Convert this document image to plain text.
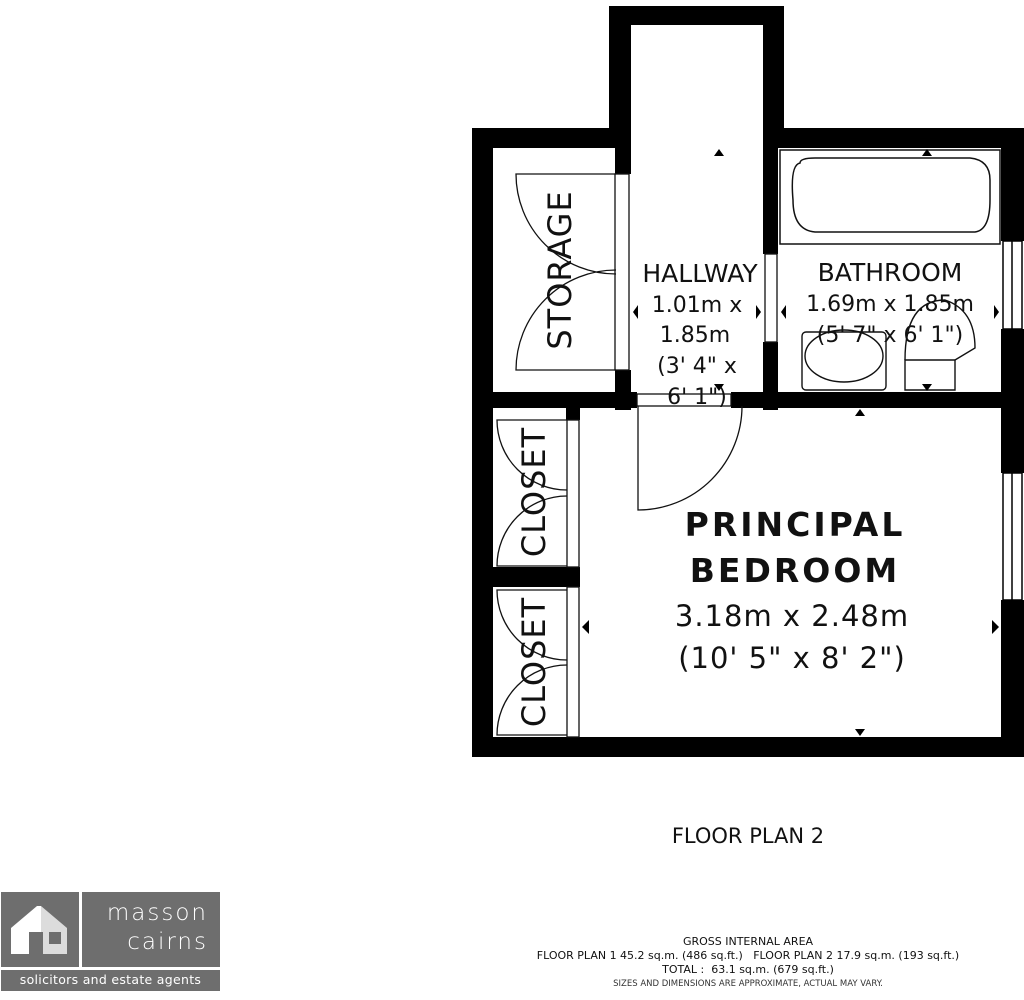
STORAGE	HALLWAY
1.01m x
1.85m
(3' 4" x
6' 1")
BATHROOM
1.69m x 1.85m
(5' 7" x 6' 1")
PRINCIPAL
BEDROOM
3.18m x 2.48m
(10' 5" x 8' 2")
CLOSET
CLOSET
FLOOR PLAN 2
GROSS INTERNAL AREA
FLOOR PLAN 1 45.2 sq.m. (486 sq.ft.)   FLOOR PLAN 2 17.9 sq.m. (193 sq.ft.)
TOTAL :  63.1 sq.m. (679 sq.ft.)
SIZES AND DIMENSIONS ARE APPROXIMATE, ACTUAL MAY VARY.
masson
cairns
solicitors and estate agents
